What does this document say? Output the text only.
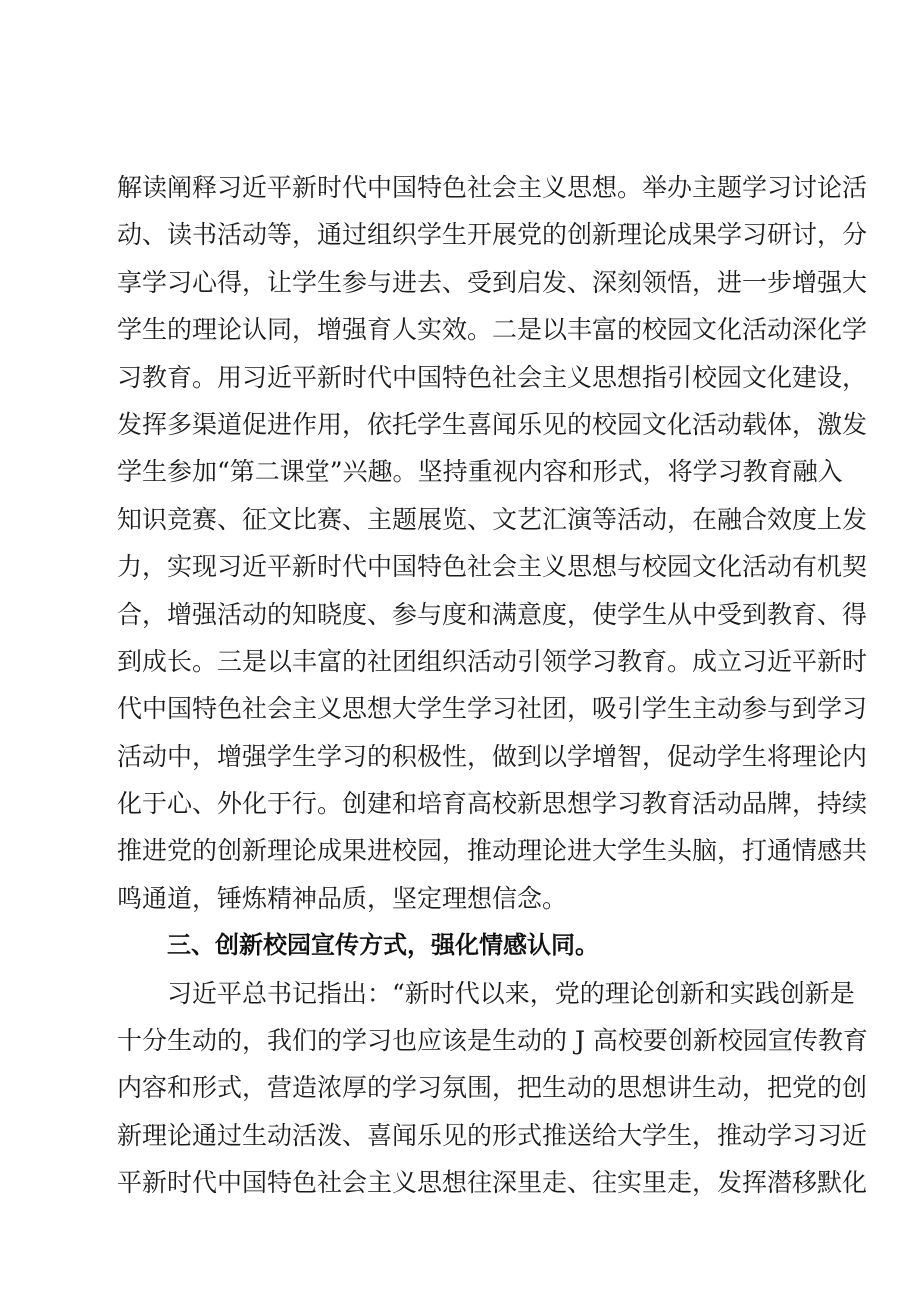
解读阐释习近平新时代中国特色社会主义思想。举办主题学习讨论活
动、读书活动等，通过组织学生开展党的创新理论成果学习研讨，分
享学习心得，让学生参与进去、受到启发、深刻领悟，进一步增强大
学生的理论认同，增强育人实效。二是以丰富的校园文化活动深化学
习教育。用习近平新时代中国特色社会主义思想指引校园文化建设，
发挥多渠道促进作用，依托学生喜闻乐见的校园文化活动载体，激发
学生参加“第二课堂”兴趣。坚持重视内容和形式，将学习教育融入
知识竞赛、征文比赛、主题展览、文艺汇演等活动，在融合效度上发
力，实现习近平新时代中国特色社会主义思想与校园文化活动有机契
合，增强活动的知晓度、参与度和满意度，使学生从中受到教育、得
到成长。三是以丰富的社团组织活动引领学习教育。成立习近平新时
代中国特色社会主义思想大学生学习社团，吸引学生主动参与到学习
活动中，增强学生学习的积极性，做到以学增智，促动学生将理论内
化于心、外化于行。创建和培育高校新思想学习教育活动品牌，持续
推进党的创新理论成果进校园，推动理论进大学生头脑，打通情感共
鸣通道，锤炼精神品质，坚定理想信念。
三、创新校园宣传方式，强化情感认同。
习近平总书记指出：“新时代以来，党的理论创新和实践创新是
十分生动的，我们的学习也应该是生动的 J 高校要创新校园宣传教育
内容和形式，营造浓厚的学习氛围，把生动的思想讲生动，把党的创
新理论通过生动活泼、喜闻乐见的形式推送给大学生，推动学习习近
平新时代中国特色社会主义思想往深里走、往实里走，发挥潜移默化
